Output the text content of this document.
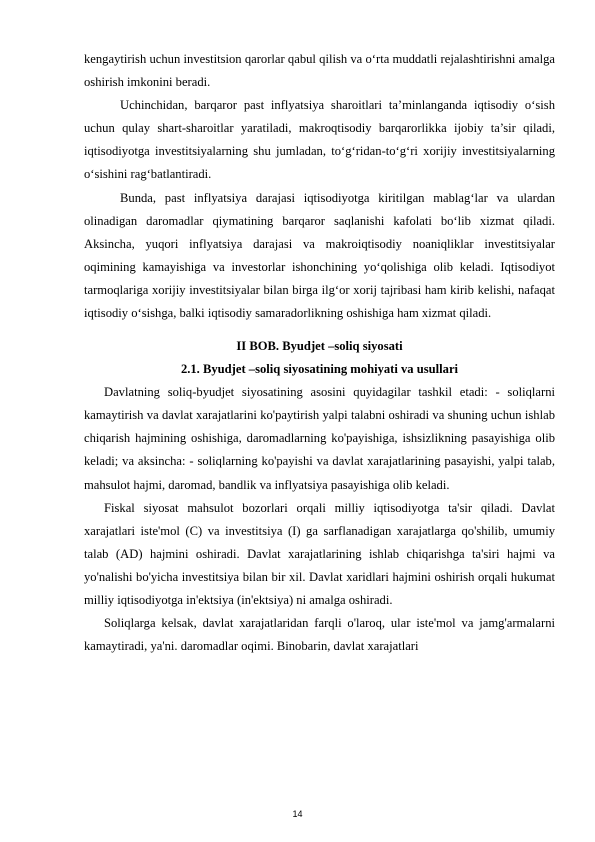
kengaytirish uchun investitsion qarorlar qabul qilish va o‘rta muddatli rejalashtirishni amalga oshirish imkonini beradi.

Uchinchidan, barqaror past inflyatsiya sharoitlari ta’minlanganda iqtisodiy o‘sish uchun qulay shart-sharoitlar yaratiladi, makroqtisodiy barqarorlikka ijobiy ta’sir qiladi, iqtisodiyotga investitsiyalarning shu jumladan, to‘g‘ridan-to‘g‘ri xorijiy investitsiyalarning o‘sishini rag‘batlantiradi.

Bunda, past inflyatsiya darajasi iqtisodiyotga kiritilgan mablag‘lar va ulardan olinadigan daromadlar qiymatining barqaror saqlanishi kafolati bo‘lib xizmat qiladi. Aksincha, yuqori inflyatsiya darajasi va makroiqtisodiy noaniqliklar investitsiyalar oqimining kamayishiga va investorlar ishonchining yo‘qolishiga olib keladi. Iqtisodiyot tarmoqlariga xorijiy investitsiyalar bilan birga ilg‘or xorij tajribasi ham kirib kelishi, nafaqat iqtisodiy o‘sishga, balki iqtisodiy samaradorlikning oshishiga ham xizmat qiladi.

II BOB. Byudjet –soliq siyosati
2.1. Byudjet –soliq siyosatining mohiyati va usullari

Davlatning soliq-byudjet siyosatining asosini quyidagilar tashkil etadi: - soliqlarni kamaytirish va davlat xarajatlarini ko'paytirish yalpi talabni oshiradi va shuning uchun ishlab chiqarish hajmining oshishiga, daromadlarning ko'payishiga, ishsizlikning pasayishiga olib keladi; va aksincha: - soliqlarning ko'payishi va davlat xarajatlarining pasayishi, yalpi talab, mahsulot hajmi, daromad, bandlik va inflyatsiya pasayishiga olib keladi.

Fiskal siyosat mahsulot bozorlari orqali milliy iqtisodiyotga ta'sir qiladi. Davlat xarajatlari iste'mol (C) va investitsiya (I) ga sarflanadigan xarajatlarga qo'shilib, umumiy talab (AD) hajmini oshiradi. Davlat xarajatlarining ishlab chiqarishga ta'siri hajmi va yo'nalishi bo'yicha investitsiya bilan bir xil. Davlat xaridlari hajmini oshirish orqali hukumat milliy iqtisodiyotga in'ektsiya (in'ektsiya) ni amalga oshiradi.

Soliqlarga kelsak, davlat xarajatlaridan farqli o'laroq, ular iste'mol va jamg'armalarni kamaytiradi, ya'ni. daromadlar oqimi. Binobarin, davlat xarajatlari

14
